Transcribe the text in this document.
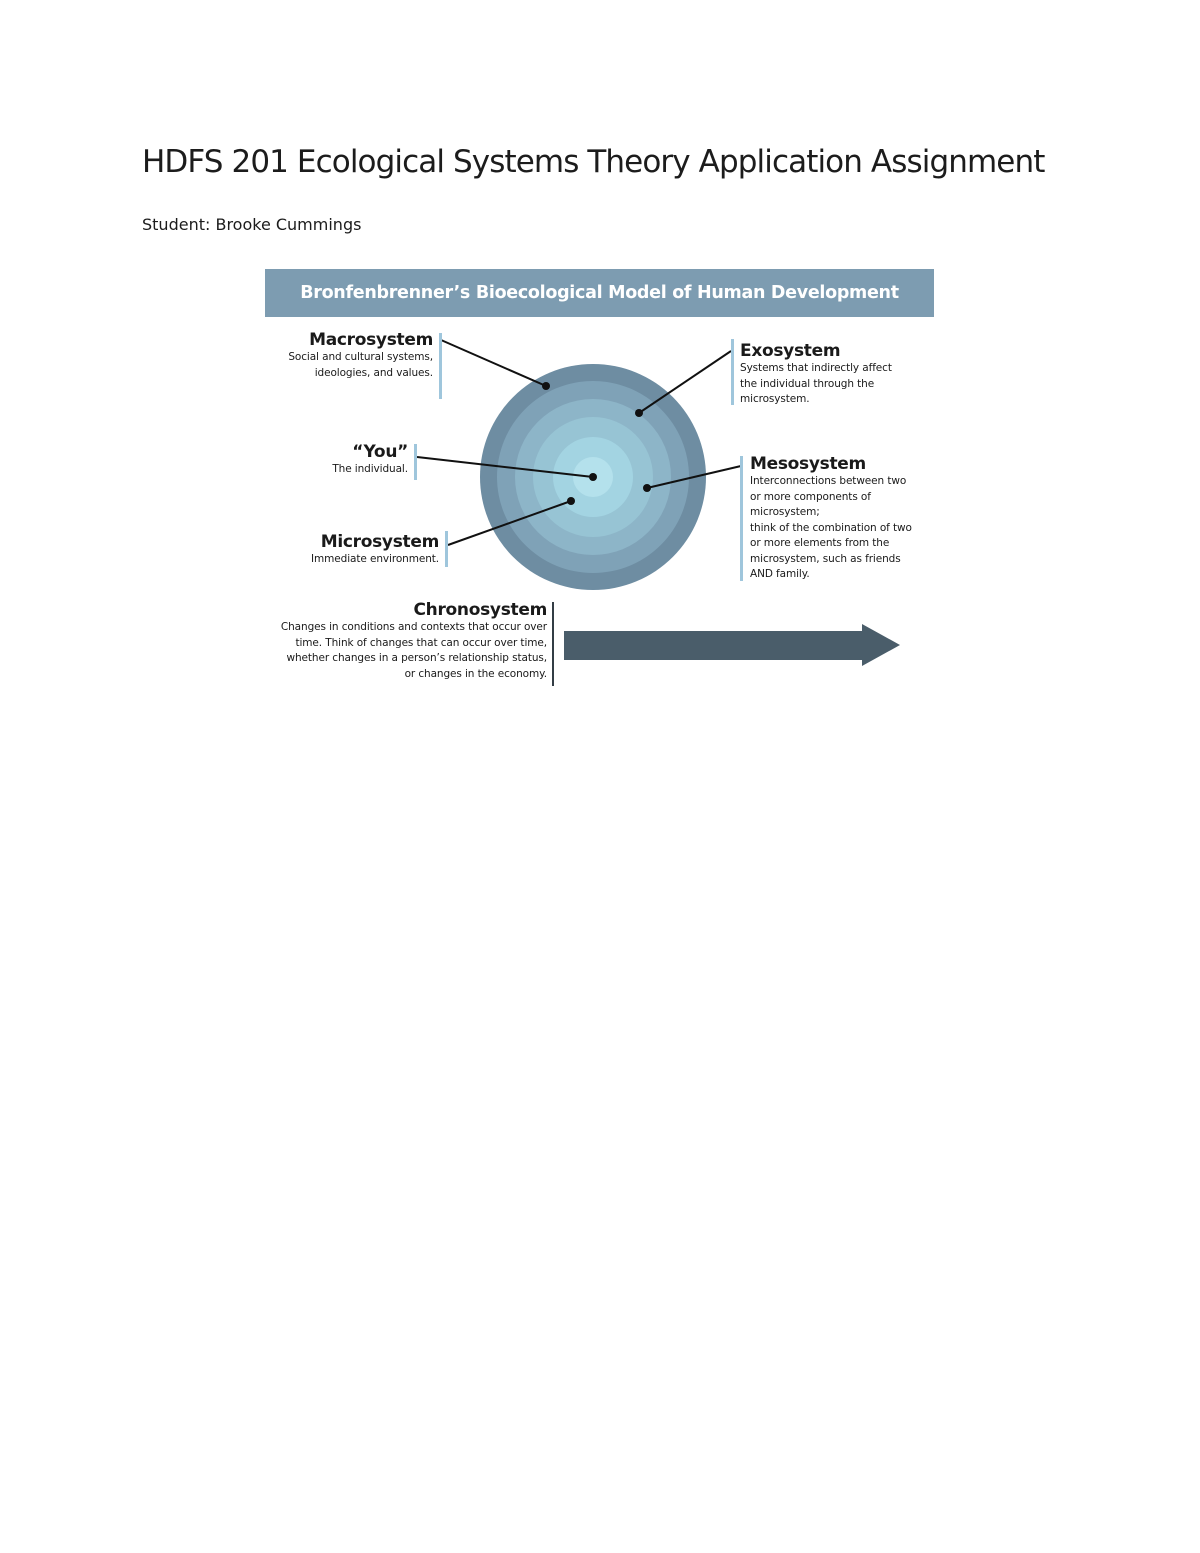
HDFS 201 Ecological Systems Theory Application Assignment
Student: Brooke Cummings
Bronfenbrenner’s Bioecological Model of Human Development
Macrosystem
Social and cultural systems, ideologies, and values.
Exosystem
Systems that indirectly affect the individual through the microsystem.
“You”
The individual.	Mesosystem
Interconnections between two or more components of microsystem;
think of the combination of two or more elements from the microsystem, such as friends AND family.
Microsystem
Immediate environment.
Chronosystem
Changes in conditions and contexts that occur over time. Think of changes that can occur over time, whether changes in a person’s relationship status, or changes in the economy.
